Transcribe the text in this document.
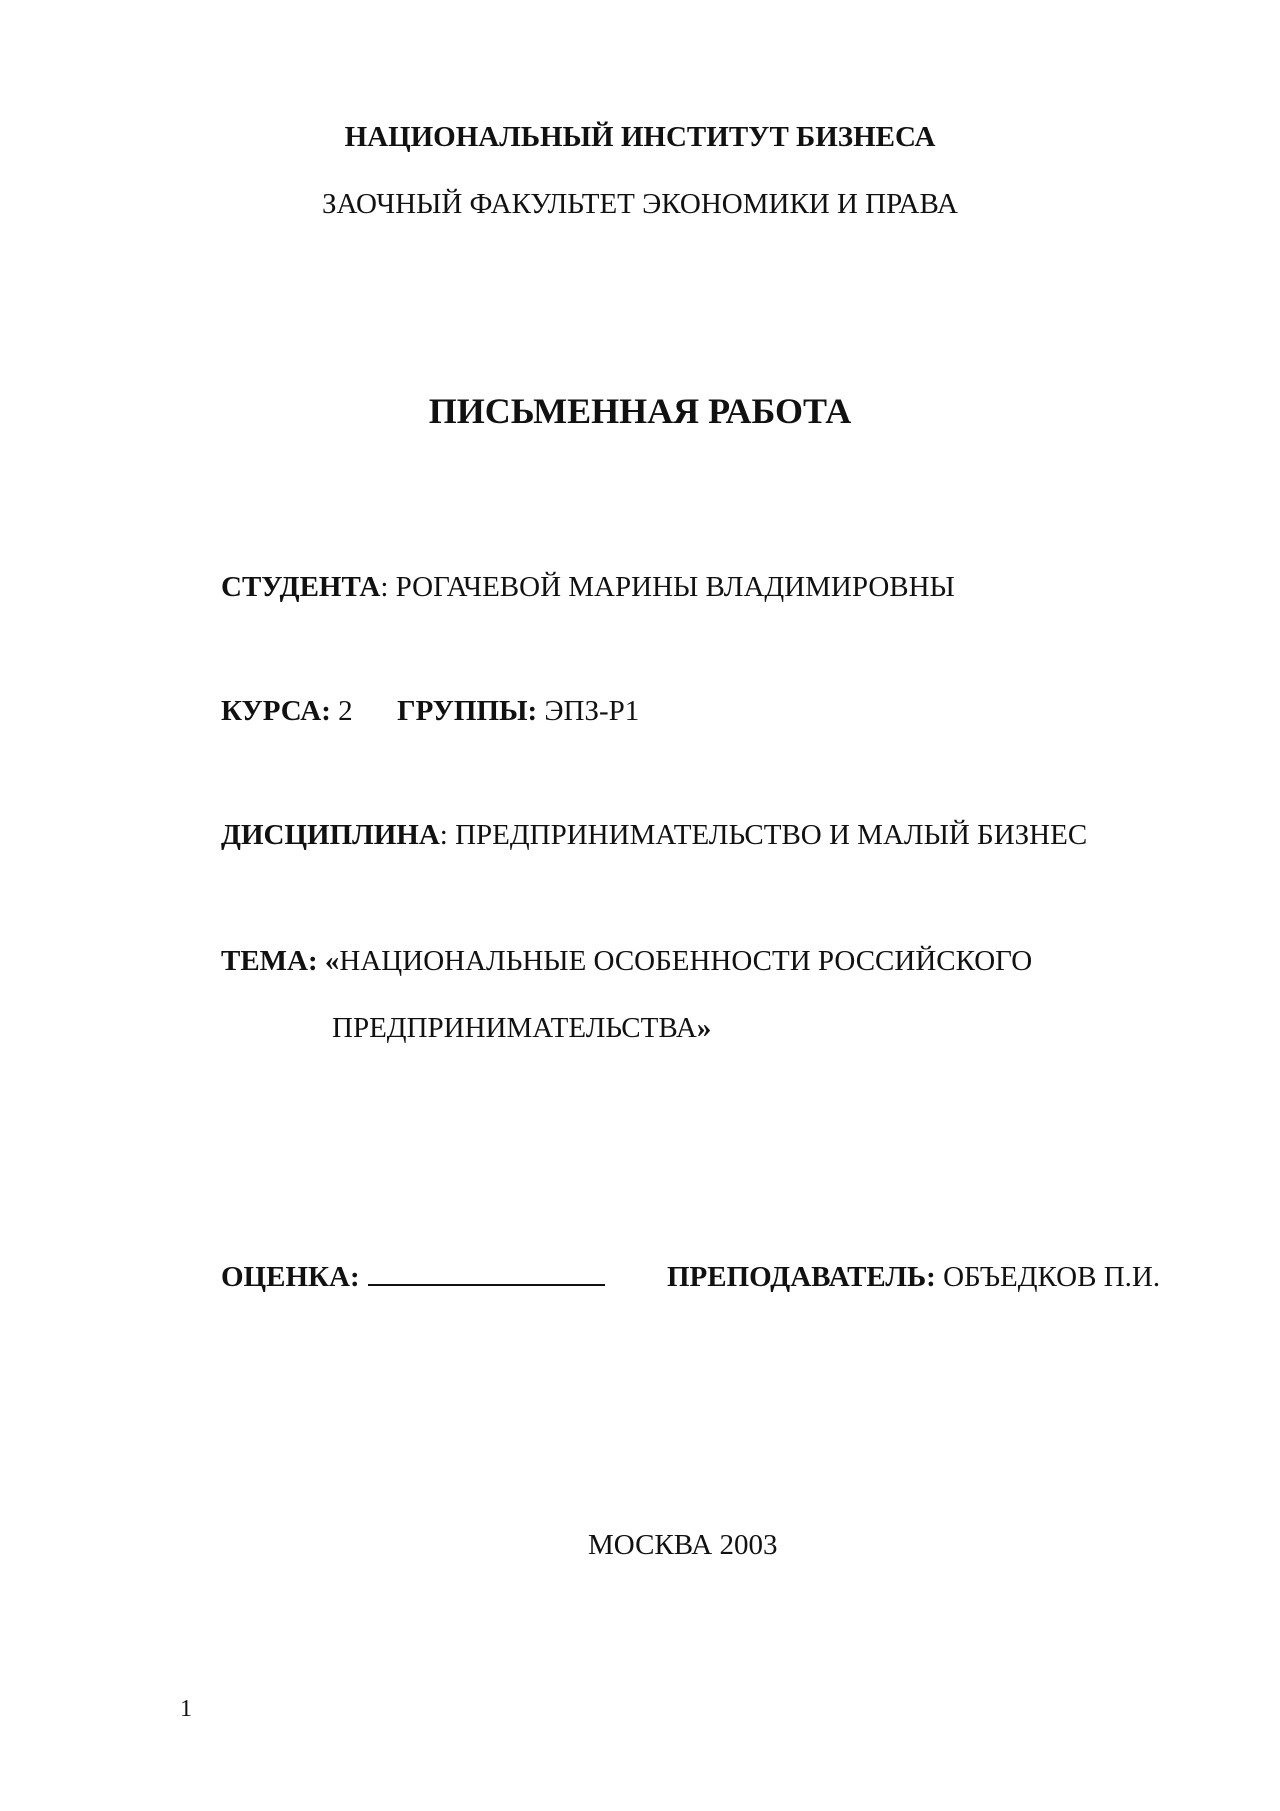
НАЦИОНАЛЬНЫЙ ИНСТИТУТ БИЗНЕСА
ЗАОЧНЫЙ ФАКУЛЬТЕТ ЭКОНОМИКИ И ПРАВА
ПИСЬМЕННАЯ РАБОТА
СТУДЕНТА: РОГАЧЕВОЙ МАРИНЫ ВЛАДИМИРОВНЫ
КУРСА: 2 ГРУППЫ: ЭПЗ-Р1
ДИСЦИПЛИНА: ПРЕДПРИНИМАТЕЛЬСТВО И МАЛЫЙ БИЗНЕС
ТЕМА: «НАЦИОНАЛЬНЫЕ ОСОБЕННОСТИ РОССИЙСКОГО
ПРЕДПРИНИМАТЕЛЬСТВА»
ОЦЕНКА:	ПРЕПОДАВАТЕЛЬ: ОБЪЕДКОВ П.И.
МОСКВА 2003
1
